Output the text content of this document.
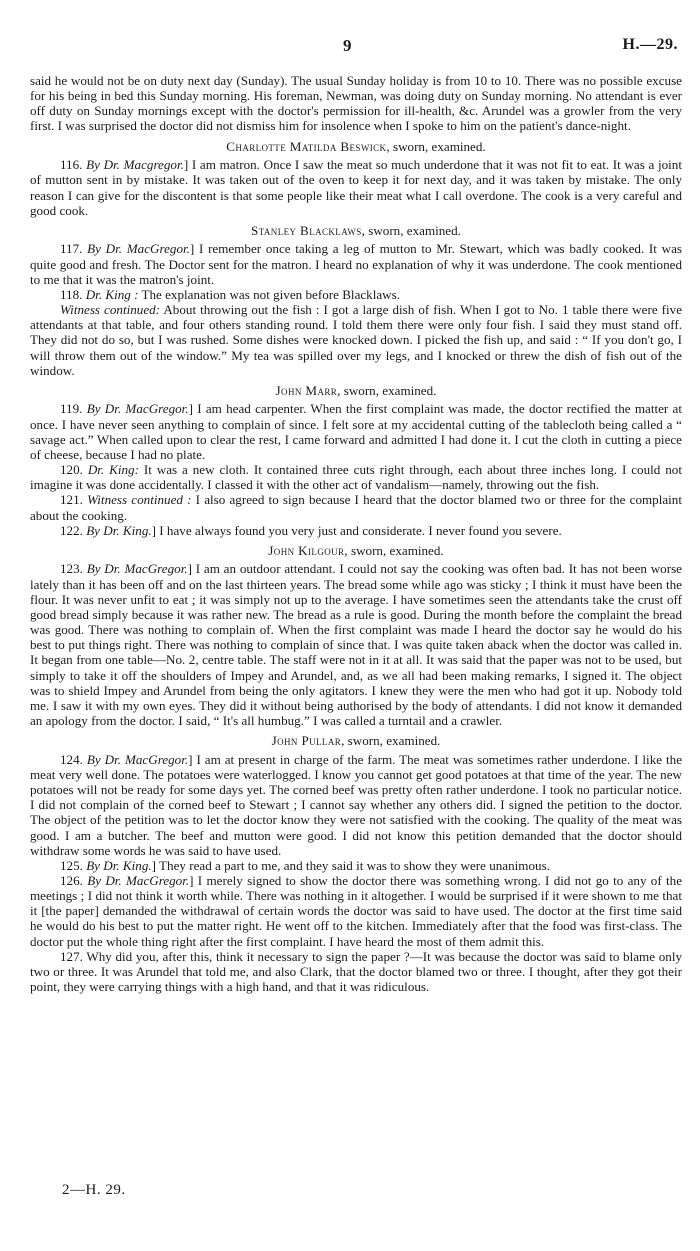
9	H.—29.

said he would not be on duty next day (Sunday). The usual Sunday holiday is from 10 to 10. There was no possible excuse for his being in bed this Sunday morning. His foreman, Newman, was doing duty on Sunday morning. No attendant is ever off duty on Sunday mornings except with the doctor's permission for ill-health, &c. Arundel was a growler from the very first. I was surprised the doctor did not dismiss him for insolence when I spoke to him on the patient's dance-night.

Charlotte Matilda Beswick, sworn, examined.

116. By Dr. Macgregor.] I am matron. Once I saw the meat so much underdone that it was not fit to eat. It was a joint of mutton sent in by mistake. It was taken out of the oven to keep it for next day, and it was taken by mistake. The only reason I can give for the discontent is that some people like their meat what I call overdone. The cook is a very careful and good cook.

Stanley Blacklaws, sworn, examined.

117. By Dr. MacGregor.] I remember once taking a leg of mutton to Mr. Stewart, which was badly cooked. It was quite good and fresh. The Doctor sent for the matron. I heard no explanation of why it was underdone. The cook mentioned to me that it was the matron's joint.

118. Dr. King : The explanation was not given before Blacklaws.

Witness continued: About throwing out the fish : I got a large dish of fish. When I got to No. 1 table there were five attendants at that table, and four others standing round. I told them there were only four fish. I said they must stand off. They did not do so, but I was rushed. Some dishes were knocked down. I picked the fish up, and said : “ If you don't go, I will throw them out of the window.” My tea was spilled over my legs, and I knocked or threw the dish of fish out of the window.

John Marr, sworn, examined.

119. By Dr. MacGregor.] I am head carpenter. When the first complaint was made, the doctor rectified the matter at once. I have never seen anything to complain of since. I felt sore at my accidental cutting of the tablecloth being called a “ savage act.” When called upon to clear the rest, I came forward and admitted I had done it. I cut the cloth in cutting a piece of cheese, because I had no plate.

120. Dr. King: It was a new cloth. It contained three cuts right through, each about three inches long. I could not imagine it was done accidentally. I classed it with the other act of vandalism—namely, throwing out the fish.

121. Witness continued : I also agreed to sign because I heard that the doctor blamed two or three for the complaint about the cooking.

122. By Dr. King.] I have always found you very just and considerate. I never found you severe.

John Kilgour, sworn, examined.

123. By Dr. MacGregor.] I am an outdoor attendant. I could not say the cooking was often bad. It has not been worse lately than it has been off and on the last thirteen years. The bread some while ago was sticky ; I think it must have been the flour. It was never unfit to eat ; it was simply not up to the average. I have sometimes seen the attendants take the crust off good bread simply because it was rather new. The bread as a rule is good. During the month before the complaint the bread was good. There was nothing to complain of. When the first complaint was made I heard the doctor say he would do his best to put things right. There was nothing to complain of since that. I was quite taken aback when the doctor was called in. It began from one table—No. 2, centre table. The staff were not in it at all. It was said that the paper was not to be used, but simply to take it off the shoulders of Impey and Arundel, and, as we all had been making remarks, I signed it. The object was to shield Impey and Arundel from being the only agitators. I knew they were the men who had got it up. Nobody told me. I saw it with my own eyes. They did it without being authorised by the body of attendants. I did not know it demanded an apology from the doctor. I said, “ It's all humbug.” I was called a turntail and a crawler.

John Pullar, sworn, examined.

124. By Dr. MacGregor.] I am at present in charge of the farm. The meat was sometimes rather underdone. I like the meat very well done. The potatoes were waterlogged. I know you cannot get good potatoes at that time of the year. The new potatoes will not be ready for some days yet. The corned beef was pretty often rather underdone. I took no particular notice. I did not complain of the corned beef to Stewart ; I cannot say whether any others did. I signed the petition to the doctor. The object of the petition was to let the doctor know they were not satisfied with the cooking. The quality of the meat was good. I am a butcher. The beef and mutton were good. I did not know this petition demanded that the doctor should withdraw some words he was said to have used.

125. By Dr. King.] They read a part to me, and they said it was to show they were unanimous.

126. By Dr. MacGregor.] I merely signed to show the doctor there was something wrong. I did not go to any of the meetings ; I did not think it worth while. There was nothing in it altogether. I would be surprised if it were shown to me that it [the paper] demanded the withdrawal of certain words the doctor was said to have used. The doctor at the first time said he would do his best to put the matter right. He went off to the kitchen. Immediately after that the food was first-class. The doctor put the whole thing right after the first complaint. I have heard the most of them admit this.

127. Why did you, after this, think it necessary to sign the paper ?—It was because the doctor was said to blame only two or three. It was Arundel that told me, and also Clark, that the doctor blamed two or three. I thought, after they got their point, they were carrying things with a high hand, and that it was ridiculous.

2—H. 29.
